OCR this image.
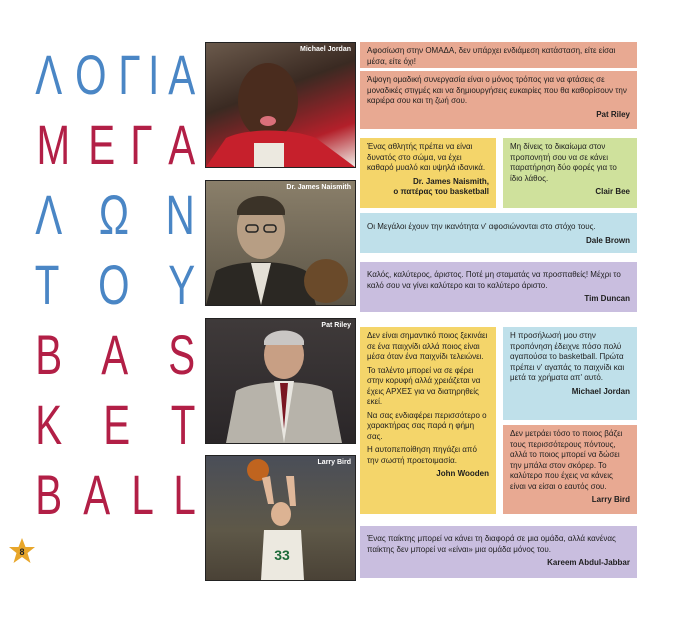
Λ Ο Γ Ι Α
Μ Ε Γ Α
Λ Ω Ν
Τ Ο Υ
B A S
K E T
B A L L
8
Michael Jordan
Dr. James Naismith
Pat Riley
33
Larry Bird

Αφοσίωση στην ΟΜΑΔΑ, δεν υπάρχει ενδιάμεση κατάσταση, είτε είσαι μέσα, είτε όχι!

Άψογη ομαδική συνεργασία είναι ο μόνος τρόπος για να φτάσεις σε μοναδικές στιγμές και να δημιουργήσεις ευκαιρίες που θα καθορίσουν την καριέρα σου και τη ζωή σου.

Pat Riley

Ένας αθλητής πρέπει να είναι δυνατός στο σώμα, να έχει καθαρό μυαλό και υψηλά ιδανικά.

Dr. James Naismith,
ο πατέρας του basketball

Μη δίνεις το δικαίωμα στον προπονητή σου να σε κάνει παρατήρηση δύο φορές για το ίδιο λάθος.

Clair Bee

Οι Μεγάλοι έχουν την ικανότητα ν' αφοσιώνονται στο στόχο τους.

Dale Brown

Καλός, καλύτερος, άριστος. Ποτέ μη σταματάς να προσπαθείς! Μέχρι το καλό σου να γίνει καλύτερο και το καλύτερο άριστο.

Tim Duncan

Δεν είναι σημαντικό ποιος ξεκινάει σε ένα παιχνίδι αλλά ποιος είναι μέσα όταν ένα παιχνίδι τελειώνει.

Το ταλέντο μπορεί να σε φέρει στην κορυφή αλλά χρειάζεται να έχεις ΑΡΧΕΣ για να διατηρηθείς εκεί.

Να σας ενδιαφέρει περισσότερο ο χαρακτήρας σας παρά η φήμη σας.

Η αυτοπεποίθηση πηγάζει από την σωστή προετοιμασία.

John Wooden

Η προσήλωσή μου στην προπόνηση έδειχνε πόσο πολύ αγαπούσα το basketball. Πρώτα πρέπει ν' αγαπάς το παιχνίδι και μετά τα χρήματα απ' αυτό.

Michael Jordan

Δεν μετράει τόσο το ποιος βάζει τους περισσότερους πόντους, αλλά το ποιος μπορεί να δώσει την μπάλα στον σκόρερ. Το καλύτερο που έχεις να κάνεις είναι να είσαι ο εαυτός σου.

Larry Bird

Ένας παίκτης μπορεί να κάνει τη διαφορά σε μια ομάδα, αλλά κανένας παίκτης δεν μπορεί να «είναι» μια ομάδα μόνος του.

Kareem Abdul-Jabbar
